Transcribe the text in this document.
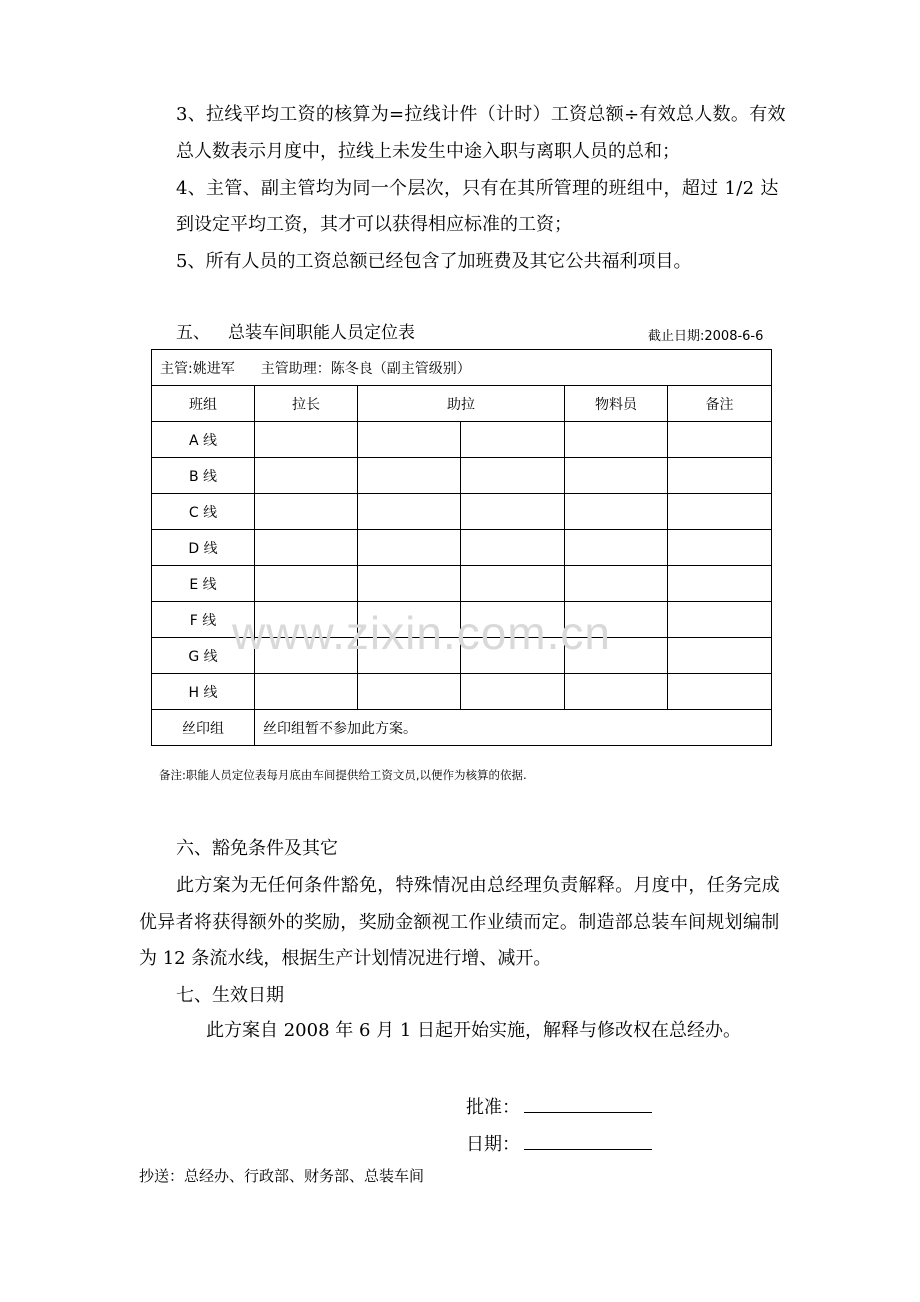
3、拉线平均工资的核算为=拉线计件（计时）工资总额÷有效总人数。有效
总人数表示月度中，拉线上未发生中途入职与离职人员的总和；
4、主管、副主管均为同一个层次，只有在其所管理的班组中，超过 1/2 达
到设定平均工资，其才可以获得相应标准的工资；
5、所有人员的工资总额已经包含了加班费及其它公共福利项目。
五、 总装车间职能人员定位表	截止日期:2008-6-6
主管:姚进军 主管助理：陈冬良（副主管级别）					
班组	拉长	助拉		物料员	备注
A 线					
B 线					
C 线					
D 线					
E 线					
F 线					
G 线					
H 线					
丝印组	丝印组暂不参加此方案。				
备注:职能人员定位表每月底由车间提供给工资文员,以便作为核算的依据.
六、豁免条件及其它
此方案为无任何条件豁免，特殊情况由总经理负责解释。月度中，任务完成
优异者将获得额外的奖励，奖励金额视工作业绩而定。制造部总装车间规划编制
为 12 条流水线，根据生产计划情况进行增、减开。
七、生效日期
此方案自 2008 年 6 月 1 日起开始实施，解释与修改权在总经办。
批准：
日期：
抄送：总经办、行政部、财务部、总装车间
www.zixin.com.cn
